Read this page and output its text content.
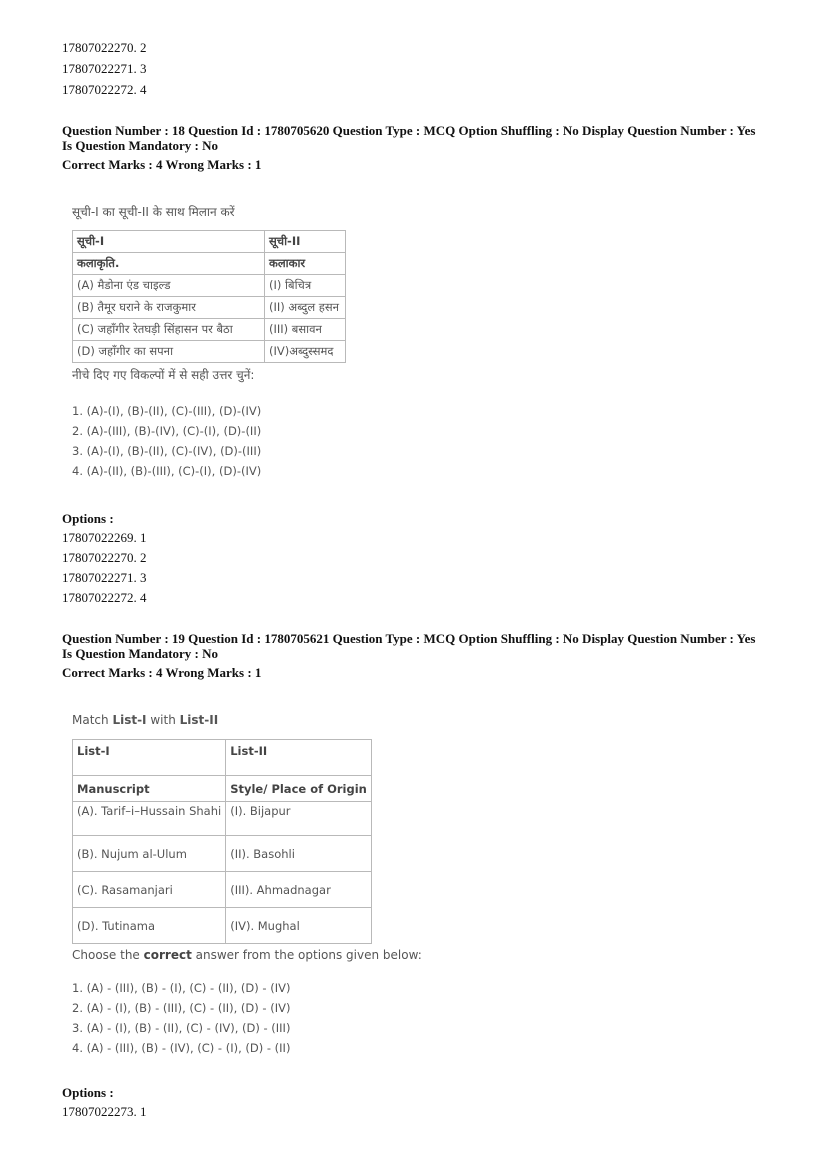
17807022270. 2
17807022271. 3
17807022272. 4
Question Number : 18 Question Id : 1780705620 Question Type : MCQ Option Shuffling : No Display Question Number : Yes
Is Question Mandatory : No
Correct Marks : 4 Wrong Marks : 1
सूची-I का सूची-II के साथ मिलान करें
सूची-I	सूची-II
कलाकृति.	कलाकार
(A) मैडोना एंड चाइल्ड	(I) बिचित्र
(B) तैमूर घराने के राजकुमार	(II) अब्दुल हसन
(C) जहाँगीर रेतघड़ी सिंहासन पर बैठा	(III) बसावन
(D) जहाँगीर का सपना	(IV)अब्दुस्समद
नीचे दिए गए विकल्पों में से सही उत्तर चुनें:
1. (A)-(I), (B)-(II), (C)-(III), (D)-(IV)
2. (A)-(III), (B)-(IV), (C)-(I), (D)-(II)
3. (A)-(I), (B)-(II), (C)-(IV), (D)-(III)
4. (A)-(II), (B)-(III), (C)-(I), (D)-(IV)
Options :
17807022269. 1
17807022270. 2
17807022271. 3
17807022272. 4
Question Number : 19 Question Id : 1780705621 Question Type : MCQ Option Shuffling : No Display Question Number : Yes
Is Question Mandatory : No
Correct Marks : 4 Wrong Marks : 1
Match List-I with List-II
List-I	List-II
Manuscript	Style/ Place of Origin
(A). Tarif–i–Hussain Shahi	(I). Bijapur
(B). Nujum al-Ulum	(II). Basohli
(C). Rasamanjari	(III). Ahmadnagar
(D). Tutinama	(IV). Mughal
Choose the correct answer from the options given below:
1. (A) - (III), (B) - (I), (C) - (II), (D) - (IV)
2. (A) - (I), (B) - (III), (C) - (II), (D) - (IV)
3. (A) - (I), (B) - (II), (C) - (IV), (D) - (III)
4. (A) - (III), (B) - (IV), (C) - (I), (D) - (II)
Options :
17807022273. 1
